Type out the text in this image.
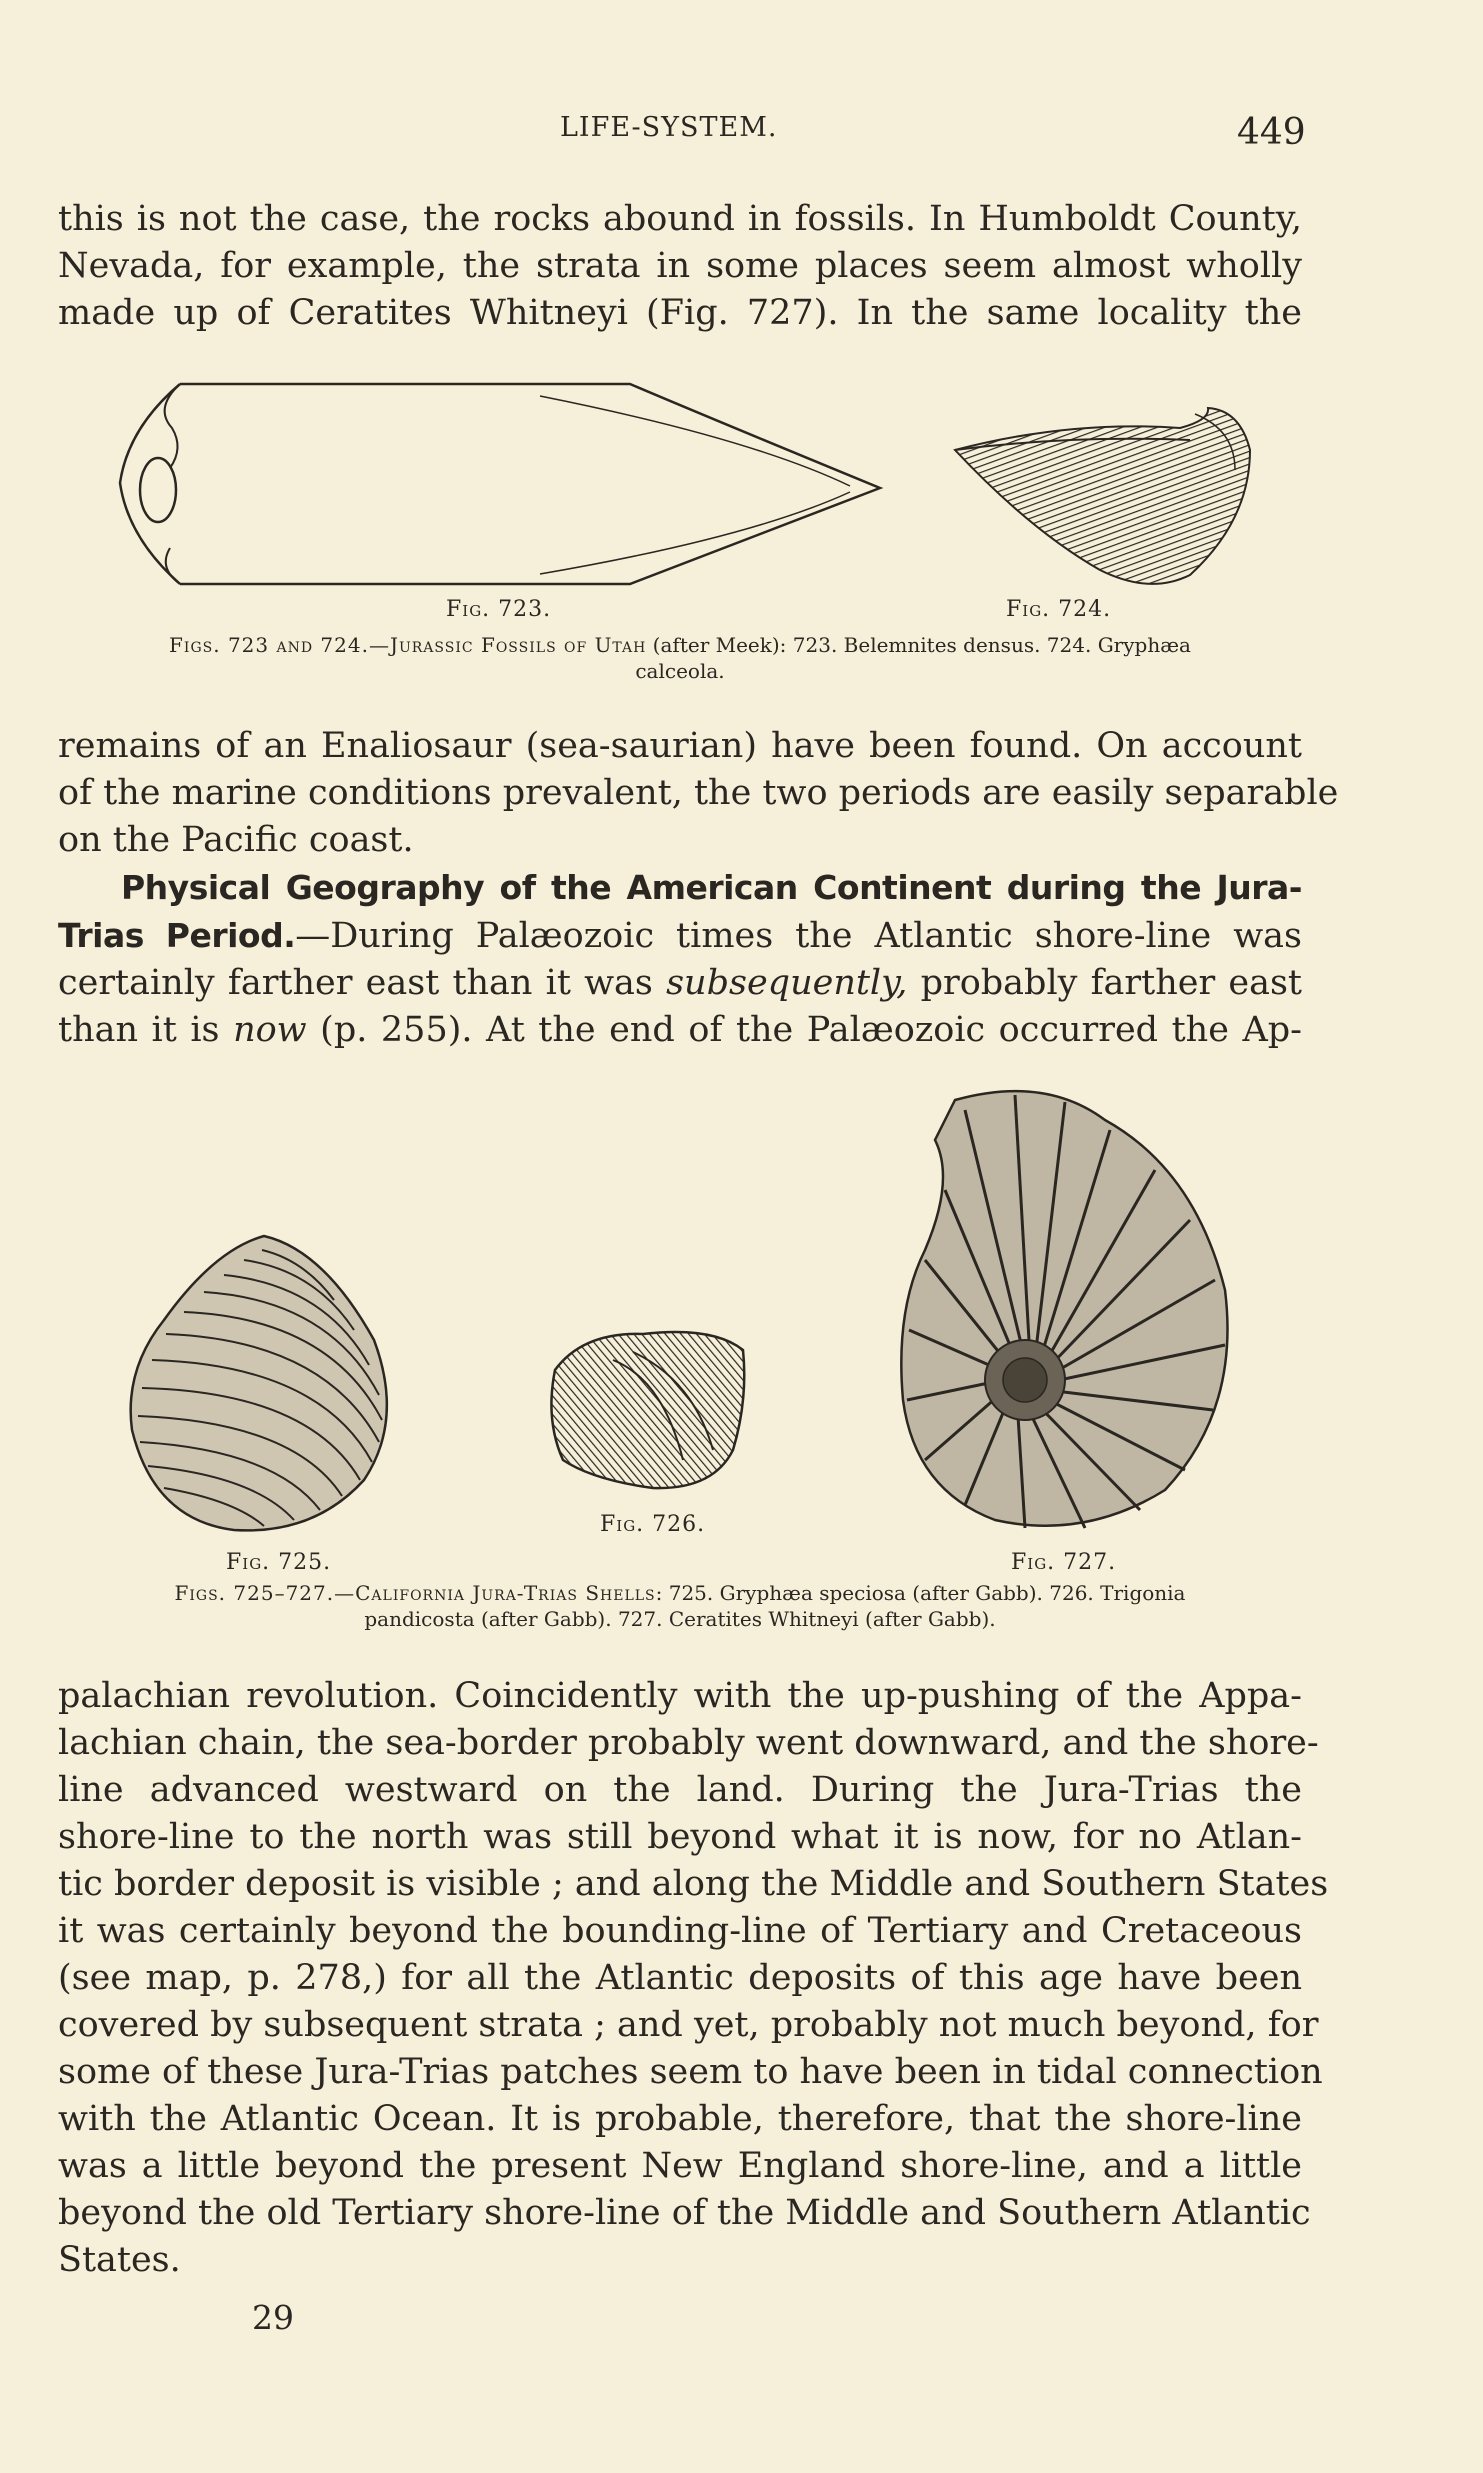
LIFE-SYSTEM.	449
this is not the case, the rocks abound in fossils. In Humboldt County,
Nevada, for example, the strata in some places seem almost wholly
made up of Ceratites Whitneyi (Fig. 727). In the same locality the
Fig. 723.	Fig. 724.
Figs. 723 and 724.—Jurassic Fossils of Utah (after Meek): 723. Belemnites densus. 724. Gryphæa
calceola.
remains of an Enaliosaur (sea-saurian) have been found. On account
of the marine conditions prevalent, the two periods are easily separable
on the Pacific coast.
Physical Geography of the American Continent during the Jura-
Trias Period.—During Palæozoic times the Atlantic shore-line was
certainly farther east than it was subsequently, probably farther east
than it is now (p. 255). At the end of the Palæozoic occurred the Ap-
Fig. 725.
Fig. 726.
Fig. 727.
Figs. 725–727.—California Jura-Trias Shells: 725. Gryphæa speciosa (after Gabb). 726. Trigonia
pandicosta (after Gabb). 727. Ceratites Whitneyi (after Gabb).
palachian revolution. Coincidently with the up-pushing of the Appa-
lachian chain, the sea-border probably went downward, and the shore-
line advanced westward on the land. During the Jura-Trias the
shore-line to the north was still beyond what it is now, for no Atlan-
tic border deposit is visible ; and along the Middle and Southern States
it was certainly beyond the bounding-line of Tertiary and Cretaceous
(see map, p. 278,) for all the Atlantic deposits of this age have been
covered by subsequent strata ; and yet, probably not much beyond, for
some of these Jura-Trias patches seem to have been in tidal connection
with the Atlantic Ocean. It is probable, therefore, that the shore-line
was a little beyond the present New England shore-line, and a little
beyond the old Tertiary shore-line of the Middle and Southern Atlantic
States.
29
